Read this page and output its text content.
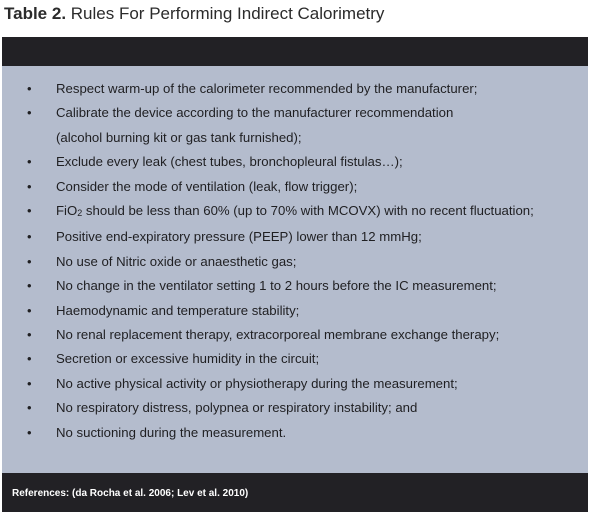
Table 2. Rules For Performing Indirect Calorimetry
• Respect warm-up of the calorimeter recommended by the manufacturer;
• Calibrate the device according to the manufacturer recommendation
(alcohol burning kit or gas tank furnished);
• Exclude every leak (chest tubes, bronchopleural fistulas…);
• Consider the mode of ventilation (leak, flow trigger);
• FiO2 should be less than 60% (up to 70% with MCOVX) with no recent fluctuation;
• Positive end-expiratory pressure (PEEP) lower than 12 mmHg;
• No use of Nitric oxide or anaesthetic gas;
• No change in the ventilator setting 1 to 2 hours before the IC measurement;
• Haemodynamic and temperature stability;
• No renal replacement therapy, extracorporeal membrane exchange therapy;
• Secretion or excessive humidity in the circuit;
• No active physical activity or physiotherapy during the measurement;
• No respiratory distress, polypnea or respiratory instability; and
• No suctioning during the measurement.
References: (da Rocha et al. 2006; Lev et al. 2010)
